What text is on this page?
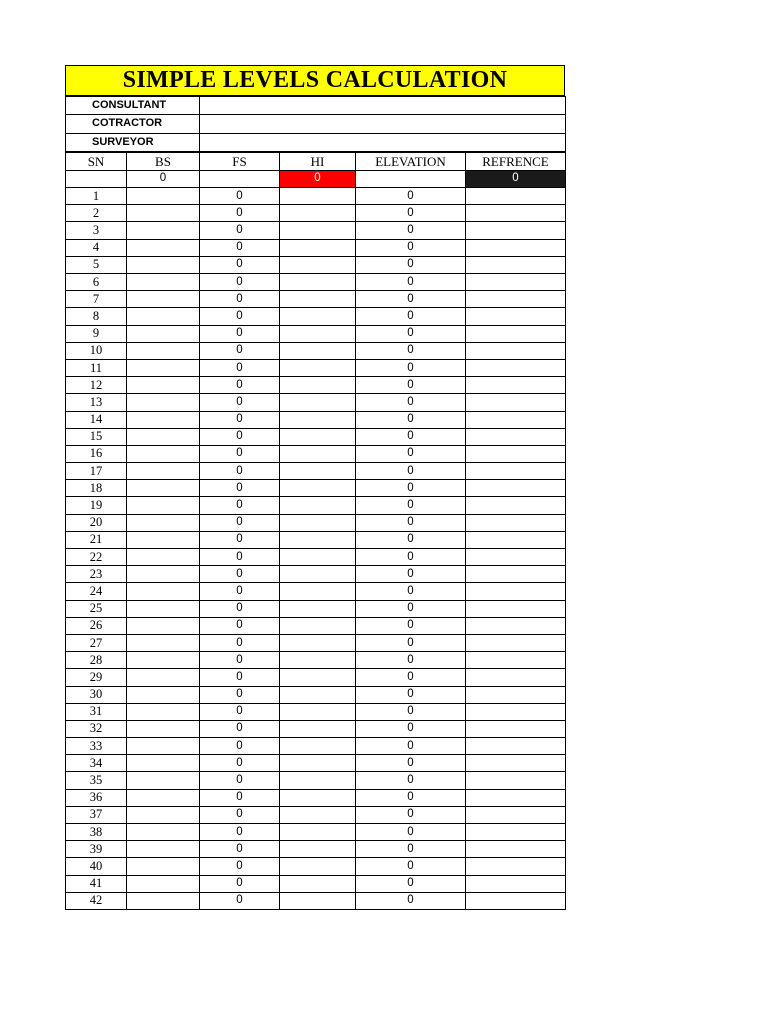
SIMPLE LEVELS CALCULATION
CONSULTANT	
COTRACTOR	
SURVEYOR	
SN	BS	FS	HI	ELEVATION	REFRENCE
	0		0		0
1		0		0	
2		0		0	
3		0		0	
4		0		0	
5		0		0	
6		0		0	
7		0		0	
8		0		0	
9		0		0	
10		0		0	
11		0		0	
12		0		0	
13		0		0	
14		0		0	
15		0		0	
16		0		0	
17		0		0	
18		0		0	
19		0		0	
20		0		0	
21		0		0	
22		0		0	
23		0		0	
24		0		0	
25		0		0	
26		0		0	
27		0		0	
28		0		0	
29		0		0	
30		0		0	
31		0		0	
32		0		0	
33		0		0	
34		0		0	
35		0		0	
36		0		0	
37		0		0	
38		0		0	
39		0		0	
40		0		0	
41		0		0	
42		0		0	
